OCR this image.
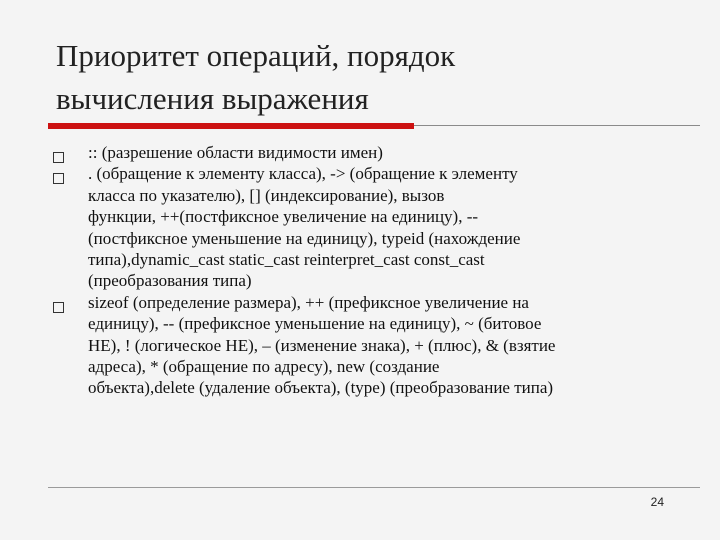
Приоритет операций, порядок
вычисления выражения
:: (разрешение области видимости имен)
. (обращение к элементу класса), -> (обращение к элементу
класса по указателю), [] (индексирование), вызов
функции, ++(постфиксное увеличение на единицу), --
(постфиксное уменьшение на единицу), typeid (нахождение
типа),dynamic_cast static_cast reinterpret_cast const_cast
(преобразования типа)
sizeof (определение размера), ++ (префиксное увеличение на
единицу), -- (префиксное уменьшение на единицу), ~ (битовое
НЕ), ! (логическое НЕ), – (изменение знака), + (плюс), & (взятие
адреса), * (обращение по адресу), new (создание
объекта),delete (удаление объекта), (type) (преобразование типа)
24
